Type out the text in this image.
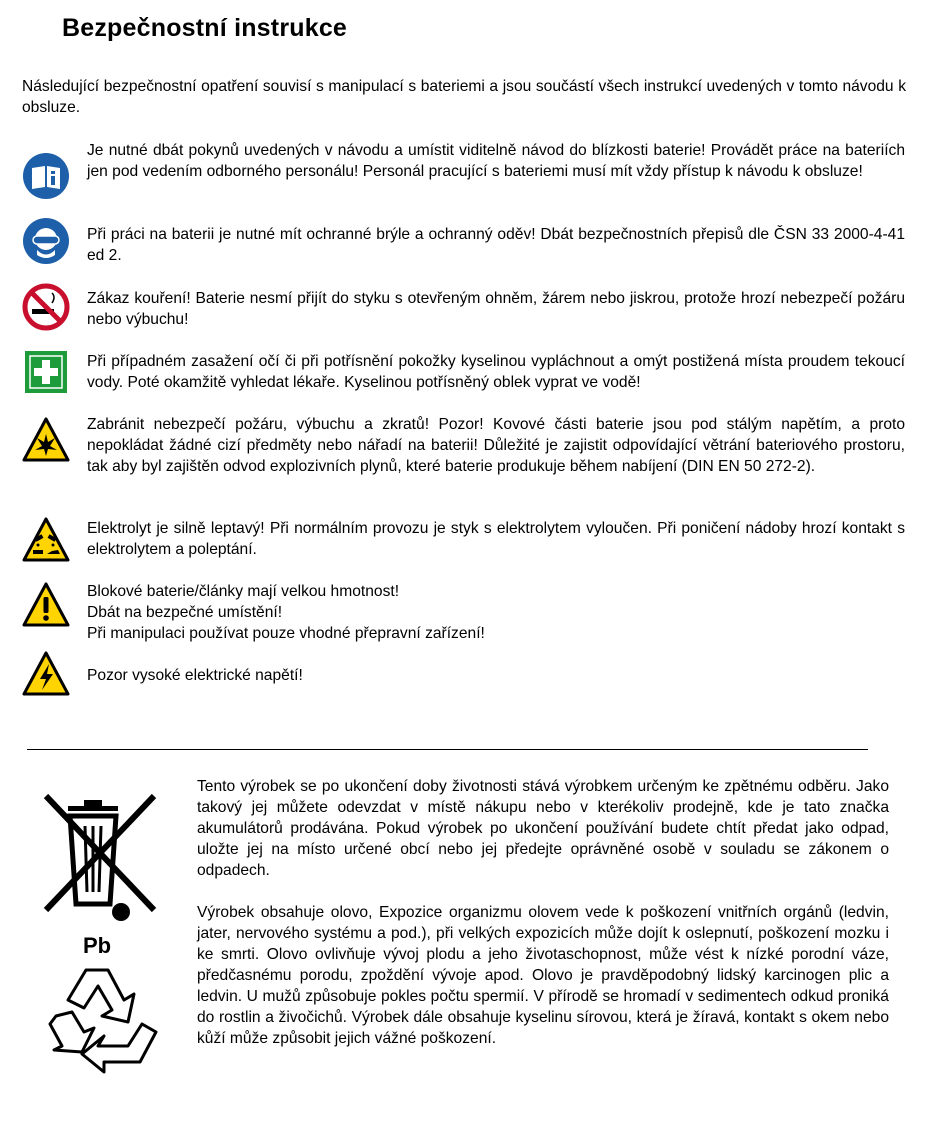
Bezpečnostní instrukce
Následující bezpečnostní opatření souvisí s manipulací s bateriemi a jsou součástí všech instrukcí uvedených v tomto návodu k obsluze.

Je nutné dbát pokynů uvedených v návodu a umístit viditelně návod do blízkosti baterie! Provádět práce na bateriích jen pod vedením odborného personálu! Personál pracující s bateriemi musí mít vždy přístup k návodu k obsluze!

Při práci na baterii je nutné mít ochranné brýle a ochranný oděv! Dbát bezpečnostních přepisů dle ČSN 33 2000-4-41 ed 2.

Zákaz kouření! Baterie nesmí přijít do styku s otevřeným ohněm, žárem nebo jiskrou, protože hrozí nebezpečí požáru nebo výbuchu!

Při případném zasažení očí či při potřísnění pokožky kyselinou vypláchnout a omýt postižená místa proudem tekoucí vody. Poté okamžitě vyhledat lékaře. Kyselinou potřísněný oblek vyprat ve vodě!

Zabránit nebezpečí požáru, výbuchu a zkratů! Pozor! Kovové části baterie jsou pod stálým napětím, a proto nepokládat žádné cizí předměty nebo nářadí na baterii! Důležité je zajistit odpovídající větrání bateriového prostoru, tak aby byl zajištěn odvod explozivních plynů, které baterie produkuje během nabíjení (DIN EN 50 272-2).

Elektrolyt je silně leptavý! Při normálním provozu je styk s elektrolytem vyloučen. Při poničení nádoby hrozí kontakt s elektrolytem a poleptání.

Blokové baterie/články mají velkou hmotnost!

Dbát na bezpečné umístění!

Při manipulaci používat pouze vhodné přepravní zařízení!

Pozor vysoké elektrické napětí!

Pb

Tento výrobek se po ukončení doby životnosti stává výrobkem určeným ke zpětnému odběru. Jako takový jej můžete odevzdat v místě nákupu nebo v kterékoliv prodejně, kde je tato značka akumulátorů prodávána. Pokud výrobek po ukončení používání budete chtít předat jako odpad, uložte jej na místo určené obcí nebo jej předejte oprávněné osobě v souladu se zákonem o odpadech.

Výrobek obsahuje olovo, Expozice organizmu olovem vede k poškození vnitřních orgánů (ledvin, jater, nervového systému a pod.), při velkých expozicích může dojít k oslepnutí, poškození mozku i ke smrti. Olovo ovlivňuje vývoj plodu a jeho životaschopnost, může vést k nízké porodní váze, předčasnému porodu, zpoždění vývoje apod. Olovo je pravděpodobný lidský karcinogen plic a ledvin. U mužů způsobuje pokles počtu spermií. V přírodě se hromadí v sedimentech odkud proniká do rostlin a živočichů. Výrobek dále obsahuje kyselinu sírovou, která je žíravá, kontakt s okem nebo kůží může způsobit jejich vážné poškození.
